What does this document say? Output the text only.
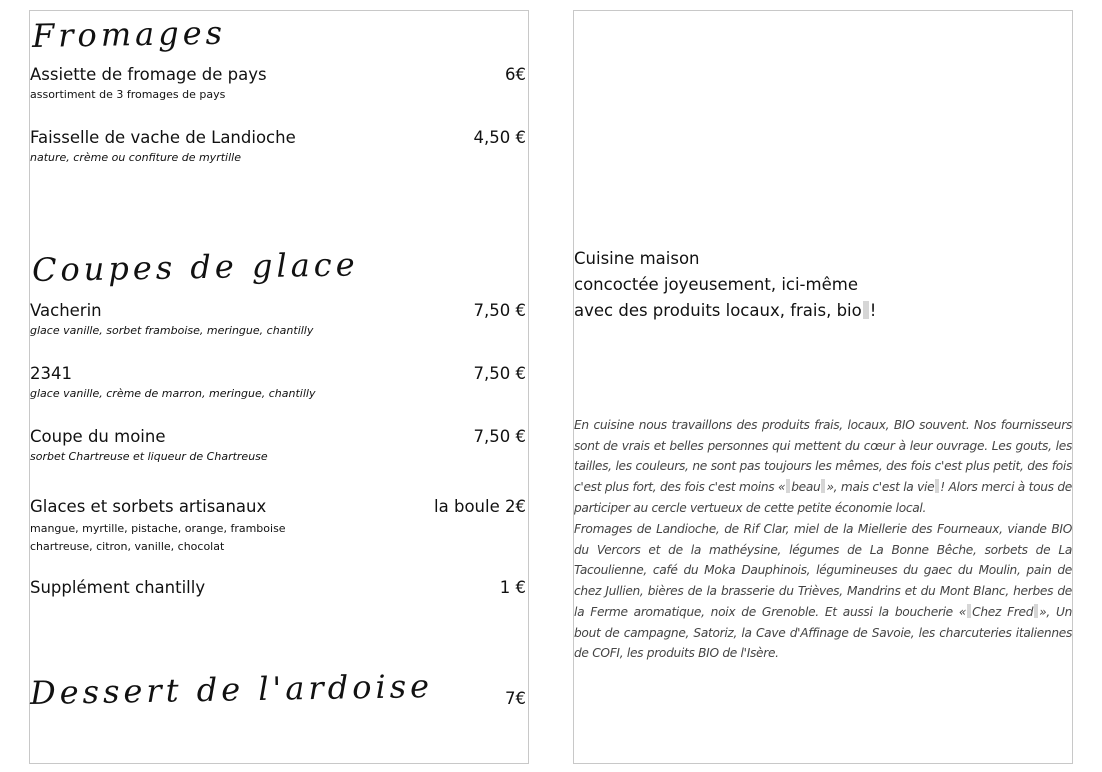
Fromages
Assiette de fromage de pays	6€
assortiment de 3 fromages de pays
Faisselle de vache de Landioche	4,50 €
nature, crème ou confiture de myrtille
Coupes de glace
Vacherin	7,50 €
glace vanille, sorbet framboise, meringue, chantilly
2341	7,50 €
glace vanille, crème de marron, meringue, chantilly
Coupe du moine	7,50 €
sorbet Chartreuse et liqueur de Chartreuse
Glaces et sorbets artisanaux	la boule 2€
mangue, myrtille, pistache, orange, framboise
chartreuse, citron, vanille, chocolat
Supplément chantilly	1 €
Dessert de l'ardoise	7€
Cuisine maison
concoctée joyeusement, ici-même
avec des produits locaux, frais, bio !
En cuisine nous travaillons des produits frais, locaux, BIO souvent. Nos fournisseurs sont de vrais et belles personnes qui mettent du cœur à leur ouvrage. Les gouts, les tailles, les couleurs, ne sont pas toujours les mêmes, des fois c'est plus petit, des fois c'est plus fort, des fois c'est moins « beau », mais c'est la vie ! Alors merci à tous de participer au cercle vertueux de cette petite économie local.
Fromages de Landioche, de Rif Clar, miel de la Miellerie des Fourneaux, viande BIO du Vercors et de la mathéysine, légumes de La Bonne Bêche, sorbets de La Tacoulienne, café du Moka Dauphinois, légumineuses du gaec du Moulin, pain de chez Jullien, bières de la brasserie du Trièves, Mandrins et du Mont Blanc, herbes de la Ferme aromatique, noix de Grenoble. Et aussi la boucherie « Chez Fred », Un bout de campagne, Satoriz, la Cave d'Affinage de Savoie, les charcuteries italiennes de COFI, les produits BIO de l'Isère.
